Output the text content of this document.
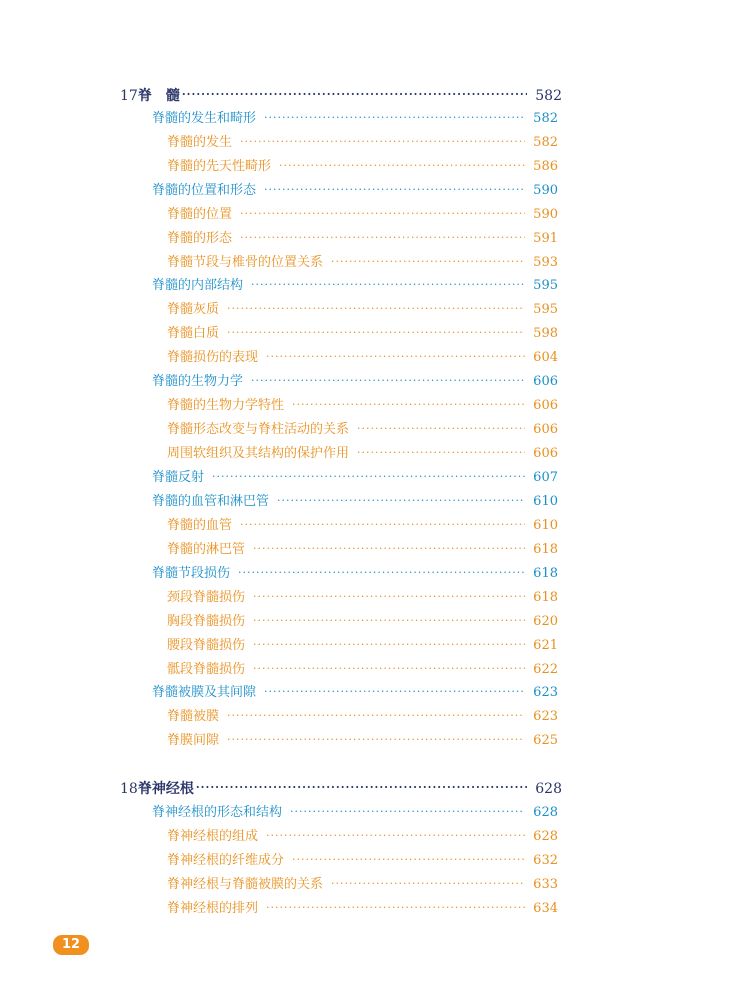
17 脊　髓 ·····	582
脊髓的发生和畸形 ·····	582
脊髓的发生 ·····	582
脊髓的先天性畸形 ·····	586
脊髓的位置和形态 ·····	590
脊髓的位置 ·····	590
脊髓的形态 ·····	591
脊髓节段与椎骨的位置关系 ·····	593
脊髓的内部结构 ·····	595
脊髓灰质 ·····	595
脊髓白质 ·····	598
脊髓损伤的表现 ·····	604
脊髓的生物力学 ·····	606
脊髓的生物力学特性 ·····	606
脊髓形态改变与脊柱活动的关系 ·····	606
周围软组织及其结构的保护作用 ·····	606
脊髓反射 ·····	607
脊髓的血管和淋巴管 ·····	610
脊髓的血管 ·····	610
脊髓的淋巴管 ·····	618
脊髓节段损伤 ·····	618
颈段脊髓损伤 ·····	618
胸段脊髓损伤 ·····	620
腰段脊髓损伤 ·····	621
骶段脊髓损伤 ·····	622
脊髓被膜及其间隙 ·····	623
脊髓被膜 ·····	623
脊膜间隙 ·····	625
18 脊神经根 ·····	628
脊神经根的形态和结构 ·····	628
脊神经根的组成 ·····	628
脊神经根的纤维成分 ·····	632
脊神经根与脊髓被膜的关系 ·····	633
脊神经根的排列 ·····	634
12
